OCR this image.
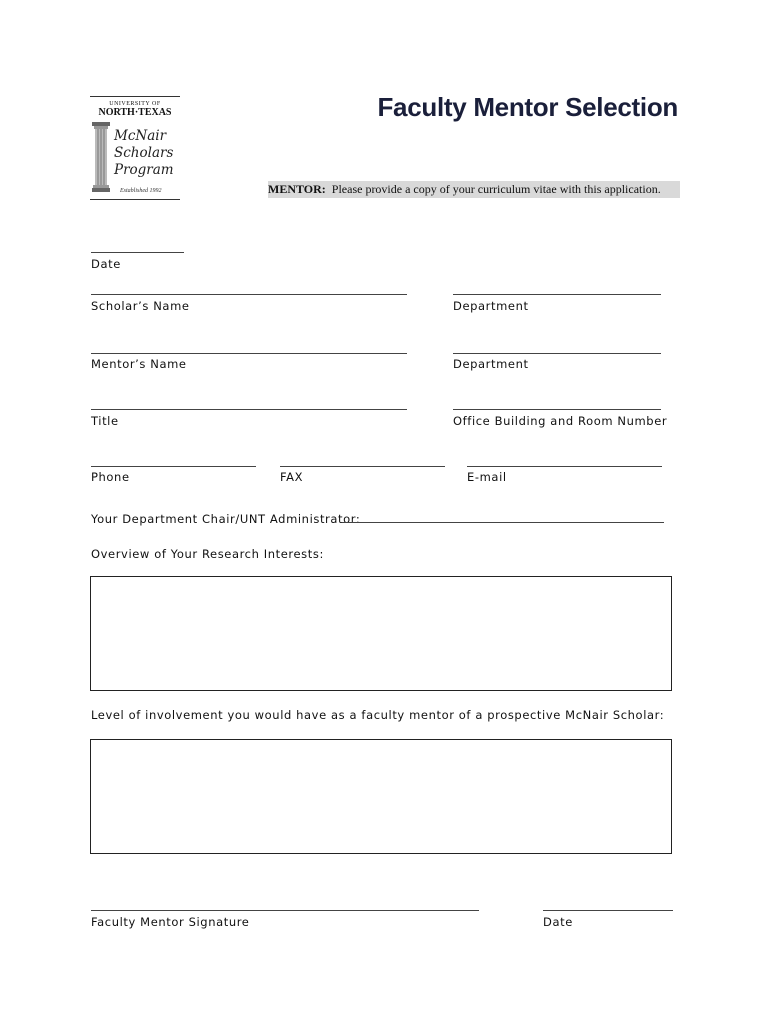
UNIVERSITY OF
NORTH·TEXAS
McNair
Scholars
Program
Established 1992
Faculty Mentor Selection
MENTOR:  Please provide a copy of your curriculum vitae with this application.
Date
Scholar’s Name	Department
Mentor’s Name	Department
Title	Office Building and Room Number
Phone	FAX	E-mail
Your Department Chair/UNT Administrator:
Overview of Your Research Interests:
Level of involvement you would have as a faculty mentor of a prospective McNair Scholar:
Faculty Mentor Signature	Date
